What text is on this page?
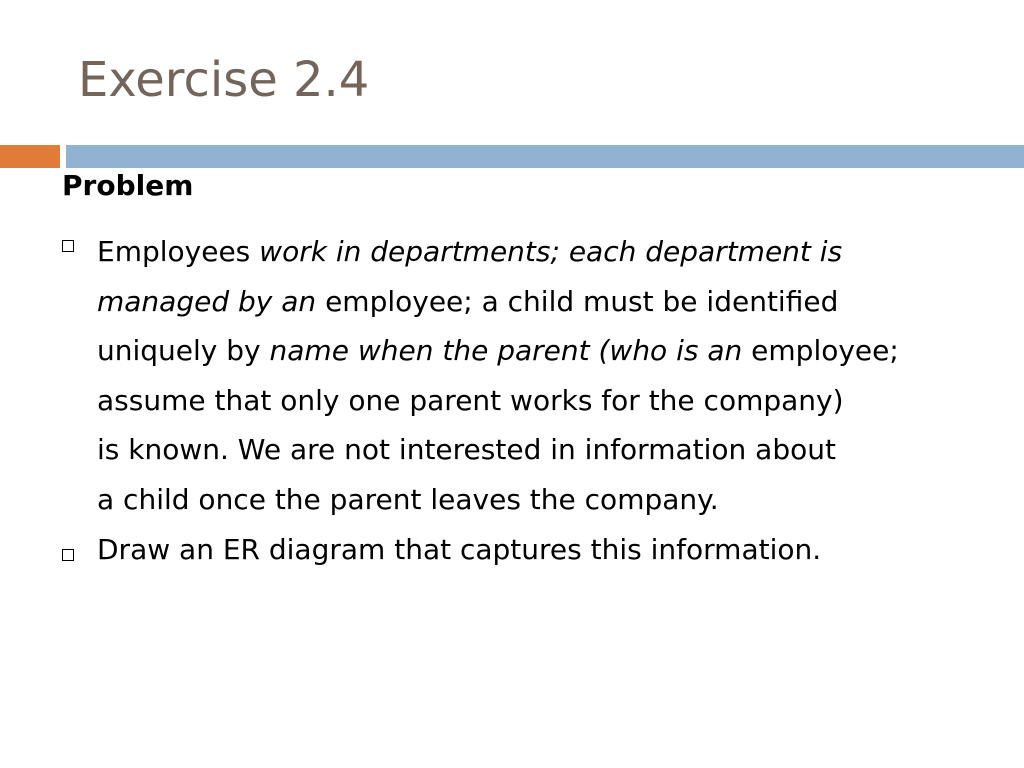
Exercise 2.4
Problem
Employees work in departments; each department is
managed by an employee; a child must be identified
uniquely by name when the parent (who is an employee;
assume that only one parent works for the company)
is known. We are not interested in information about
a child once the parent leaves the company.
Draw an ER diagram that captures this information.
